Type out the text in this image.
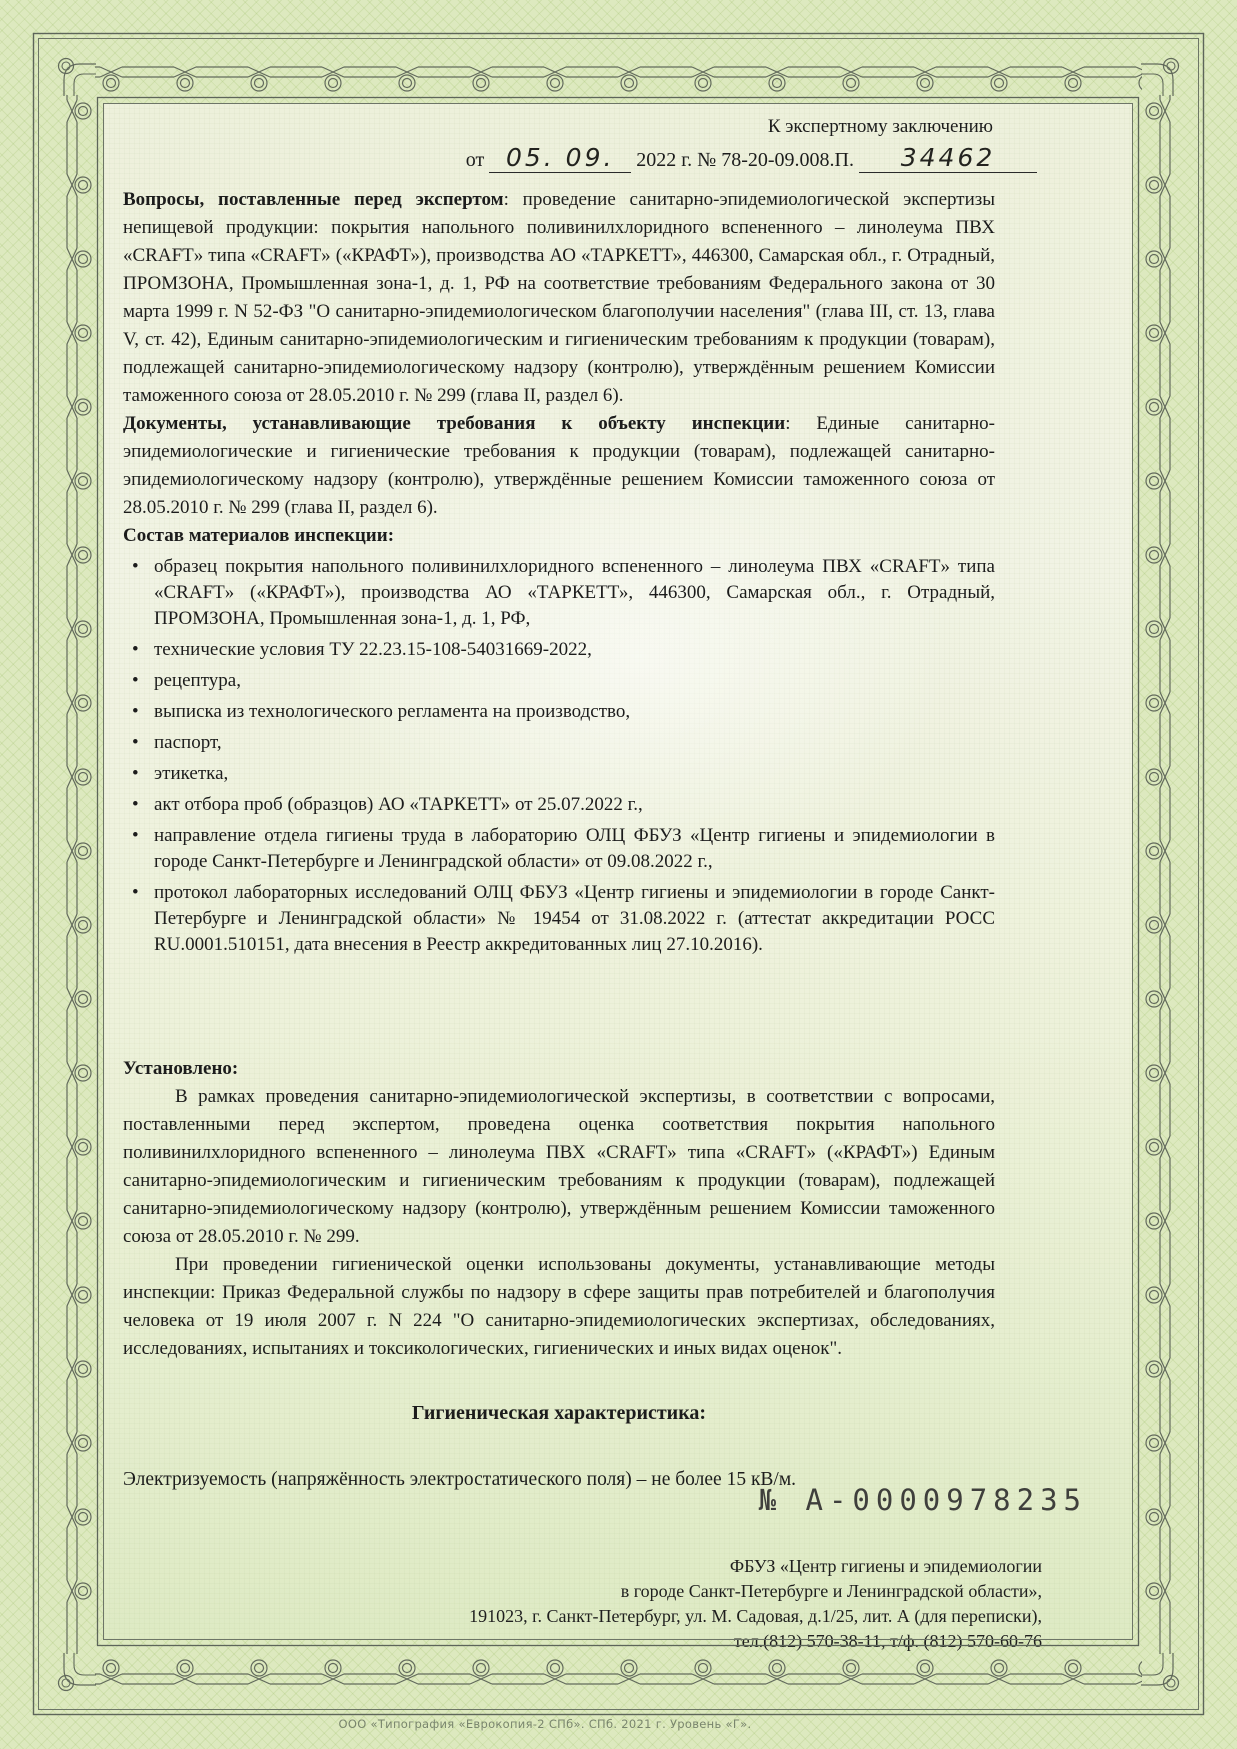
К экспертному заключению
от 05. 09. 2022 г. № 78-20-09.008.П. 34462

Вопросы, поставленные перед экспертом: проведение санитарно-эпидемиологической экспертизы непищевой продукции: покрытия напольного поливинилхлоридного вспененного – линолеума ПВХ «CRAFT» типа «CRAFT» («КРАФТ»), производства АО «ТАРКЕТТ», 446300, Самарская обл., г. Отрадный, ПРОМЗОНА, Промышленная зона-1, д. 1, РФ на соответствие требованиям Федерального закона от 30 марта 1999 г. N 52-ФЗ "О санитарно-эпидемиологическом благополучии населения" (глава III, ст. 13, глава V, ст. 42), Единым санитарно-эпидемиологическим и гигиеническим требованиям к продукции (товарам), подлежащей санитарно-эпидемиологическому надзору (контролю), утверждённым решением Комиссии таможенного союза от 28.05.2010 г. № 299 (глава II, раздел 6).

Документы, устанавливающие требования к объекту инспекции: Единые санитарно-эпидемиологические и гигиенические требования к продукции (товарам), подлежащей санитарно-эпидемиологическому надзору (контролю), утверждённые решением Комиссии таможенного союза от 28.05.2010 г. № 299 (глава II, раздел 6).

Состав материалов инспекции:

• образец покрытия напольного поливинилхлоридного вспененного – линолеума ПВХ «CRAFT» типа «CRAFT» («КРАФТ»), производства АО «ТАРКЕТТ», 446300, Самарская обл., г. Отрадный, ПРОМЗОНА, Промышленная зона-1, д. 1, РФ,
• технические условия ТУ 22.23.15-108-54031669-2022,
• рецептура,
• выписка из технологического регламента на производство,
• паспорт,
• этикетка,
• акт отбора проб (образцов) АО «ТАРКЕТТ» от 25.07.2022 г.,
• направление отдела гигиены труда в лабораторию ОЛЦ ФБУЗ «Центр гигиены и эпидемиологии в городе Санкт-Петербурге и Ленинградской области» от 09.08.2022 г.,
• протокол лабораторных исследований ОЛЦ ФБУЗ «Центр гигиены и эпидемиологии в городе Санкт-Петербурге и Ленинградской области» № 19454 от 31.08.2022 г. (аттестат аккредитации РОСС RU.0001.510151, дата внесения в Реестр аккредитованных лиц 27.10.2016).

Установлено:

В рамках проведения санитарно-эпидемиологической экспертизы, в соответствии с вопросами, поставленными перед экспертом, проведена оценка соответствия покрытия напольного поливинилхлоридного вспененного – линолеума ПВХ «CRAFT» типа «CRAFT» («КРАФТ») Единым санитарно-эпидемиологическим и гигиеническим требованиям к продукции (товарам), подлежащей санитарно-эпидемиологическому надзору (контролю), утверждённым решением Комиссии таможенного союза от 28.05.2010 г. № 299.

При проведении гигиенической оценки использованы документы, устанавливающие методы инспекции: Приказ Федеральной службы по надзору в сфере защиты прав потребителей и благополучия человека от 19 июля 2007 г. N 224 "О санитарно-эпидемиологических экспертизах, обследованиях, исследованиях, испытаниях и токсикологических, гигиенических и иных видах оценок".

Гигиеническая характеристика:
Электризуемость (напряжённость электростатического поля) – не более 15 кВ/м.
№ А-0000978235
ФБУЗ «Центр гигиены и эпидемиологии
в городе Санкт-Петербурге и Ленинградской области»,
191023, г. Санкт-Петербург, ул. М. Садовая, д.1/25, лит. А (для переписки),
тел.(812) 570-38-11, т/ф. (812) 570-60-76
ООО «Типография «Еврокопия-2 СПб». СПб. 2021 г. Уровень «Г».
